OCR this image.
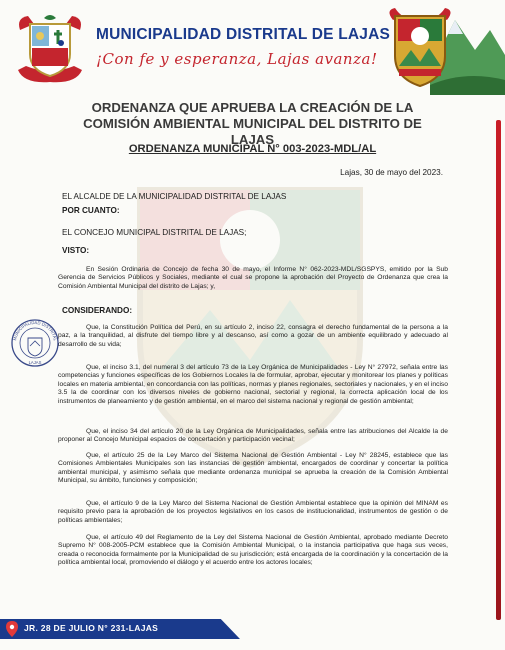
MUNICIPALIDAD DISTRITAL DE LAJAS
¡Con fe y esperanza, Lajas avanza!
ORDENANZA QUE APRUEBA LA CREACIÓN DE LA COMISIÓN AMBIENTAL MUNICIPAL DEL DISTRITO DE LAJAS
ORDENANZA MUNICIPAL N° 003-2023-MDL/AL
Lajas, 30 de mayo del 2023.
EL ALCALDE DE LA MUNICIPALIDAD DISTRITAL DE LAJAS
POR CUANTO:
EL CONCEJO MUNICIPAL DISTRITAL DE LAJAS;
VISTO:
En Sesión Ordinaria de Concejo de fecha 30 de mayo, el Informe N° 062-2023-MDL/SGSPYS, emitido por la Sub Gerencia de Servicios Públicos y Sociales, mediante el cual se propone la aprobación del Proyecto de Ordenanza que crea la Comisión Ambiental Municipal del distrito de Lajas; y,
CONSIDERANDO:
Que, la Constitución Política del Perú, en su artículo 2, inciso 22, consagra el derecho fundamental de la persona a la paz, a la tranquilidad, al disfrute del tiempo libre y al descanso, así como a gozar de un ambiente equilibrado y adecuado al desarrollo de su vida;
Que, el inciso 3.1, del numeral 3 del artículo 73 de la Ley Orgánica de Municipalidades - Ley N° 27972, señala entre las competencias y funciones específicas de los Gobiernos Locales la de formular, aprobar, ejecutar y monitorear los planes y políticas locales en materia ambiental, en concordancia con las políticas, normas y planes regionales, sectoriales y nacionales, y en el inciso 3.5 la de coordinar con los diversos niveles de gobierno nacional, sectorial y regional, la correcta aplicación local de los instrumentos de planeamiento y de gestión ambiental, en el marco del sistema nacional y regional de gestión ambiental;
Que, el inciso 34 del artículo 20 de la Ley Orgánica de Municipalidades, señala entre las atribuciones del Alcalde la de proponer al Concejo Municipal espacios de concertación y participación vecinal;
Que, el artículo 25 de la Ley Marco del Sistema Nacional de Gestión Ambiental - Ley N° 28245, establece que las Comisiones Ambientales Municipales son las instancias de gestión ambiental, encargados de coordinar y concertar la política ambiental municipal, y asimismo señala que mediante ordenanza municipal se aprueba la creación de la Comisión Ambiental Municipal, su ámbito, funciones y composición;
Que, el artículo 9 de la Ley Marco del Sistema Nacional de Gestión Ambiental establece que la opinión del MINAM es requisito previo para la aprobación de los proyectos legislativos en los casos de institucionalidad, instrumentos de gestión o de políticas ambientales;
Que, el artículo 49 del Reglamento de la Ley del Sistema Nacional de Gestión Ambiental, aprobado mediante Decreto Supremo N° 008-2005-PCM establece que la Comisión Ambiental Municipal, o la instancia participativa que haga sus veces, creada o reconocida formalmente por la Municipalidad de su jurisdicción; está encargada de la coordinación y la concertación de la política ambiental local, promoviendo el diálogo y el acuerdo entre los actores locales;
MUNICIPALIDAD DISTRITAL
LAJAS
JR. 28 DE JULIO N° 231-LAJAS
